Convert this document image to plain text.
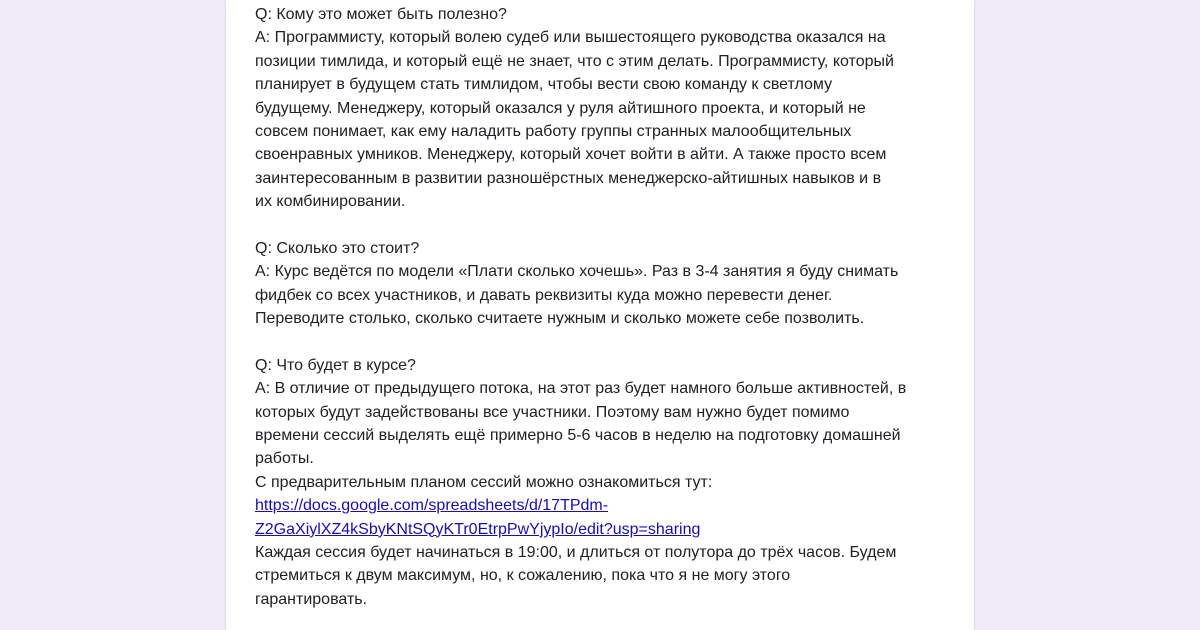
Q: Кому это может быть полезно?
A: Программисту, который волею судеб или вышестоящего руководства оказался на
позиции тимлида, и который ещё не знает, что с этим делать. Программисту, который
планирует в будущем стать тимлидом, чтобы вести свою команду к светлому
будущему. Менеджеру, который оказался у руля айтишного проекта, и который не
совсем понимает, как ему наладить работу группы странных малообщительных
своенравных умников. Менеджеру, который хочет войти в айти. А также просто всем
заинтересованным в развитии разношёрстных менеджерско-айтишных навыков и в
их комбинировании.
Q: Сколько это стоит?
A: Курс ведётся по модели «Плати сколько хочешь». Раз в 3-4 занятия я буду снимать
фидбек со всех участников, и давать реквизиты куда можно перевести денег.
Переводите столько, сколько считаете нужным и сколько можете себе позволить.
Q: Что будет в курсе?
A: В отличие от предыдущего потока, на этот раз будет намного больше активностей, в
которых будут задействованы все участники. Поэтому вам нужно будет помимо
времени сессий выделять ещё примерно 5-6 часов в неделю на подготовку домашней
работы.
С предварительным планом сессий можно ознакомиться тут:
https://docs.google.com/spreadsheets/d/17TPdm-
Z2GaXiylXZ4kSbyKNtSQyKTr0EtrpPwYjypIo/edit?usp=sharing
Каждая сессия будет начинаться в 19:00, и длиться от полутора до трёх часов. Будем
стремиться к двум максимум, но, к сожалению, пока что я не могу этого
гарантировать.
